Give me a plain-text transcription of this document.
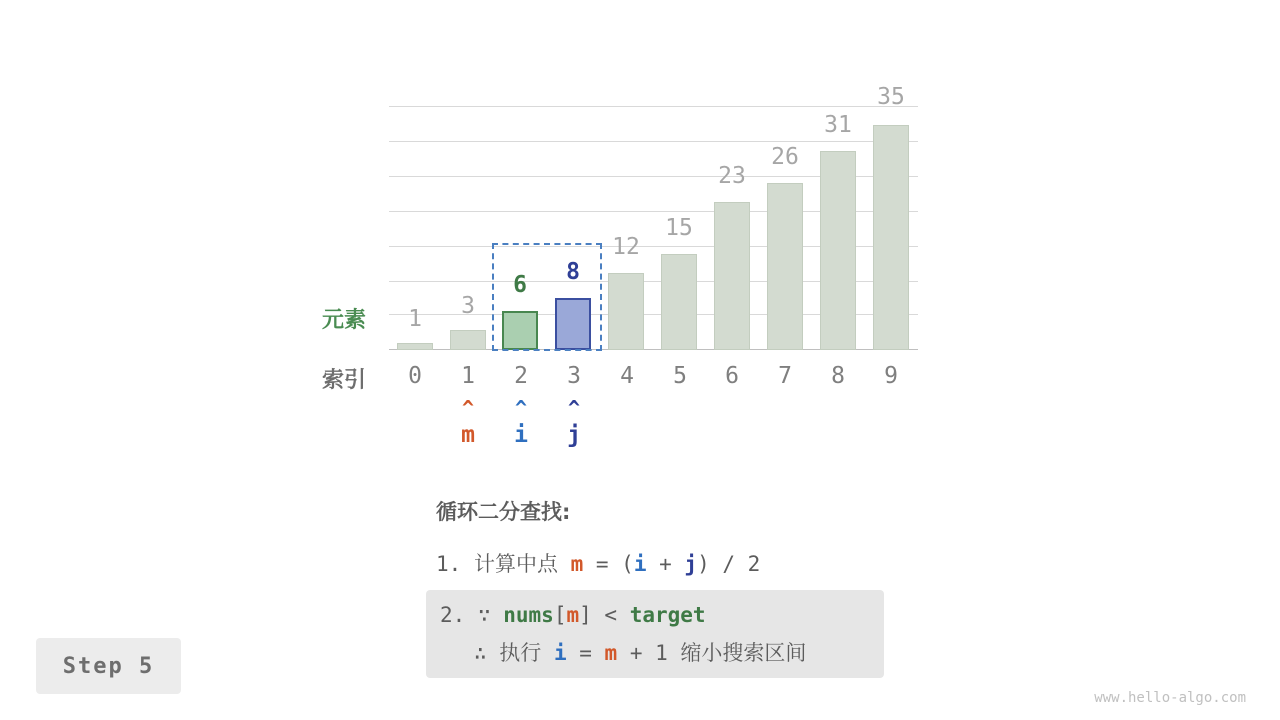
1	3
6	8
12
15
23
26
31
35
元素
索引	0	1	2	3	4	5	6	7	8	9
^	^	^
m	i	j
循环二分查找:
1. 计算中点 m = (i + j) / 2
2. ∵ nums[m] < target
∴ 执行 i = m + 1 缩小搜索区间
Step 5
www.hello-algo.com
